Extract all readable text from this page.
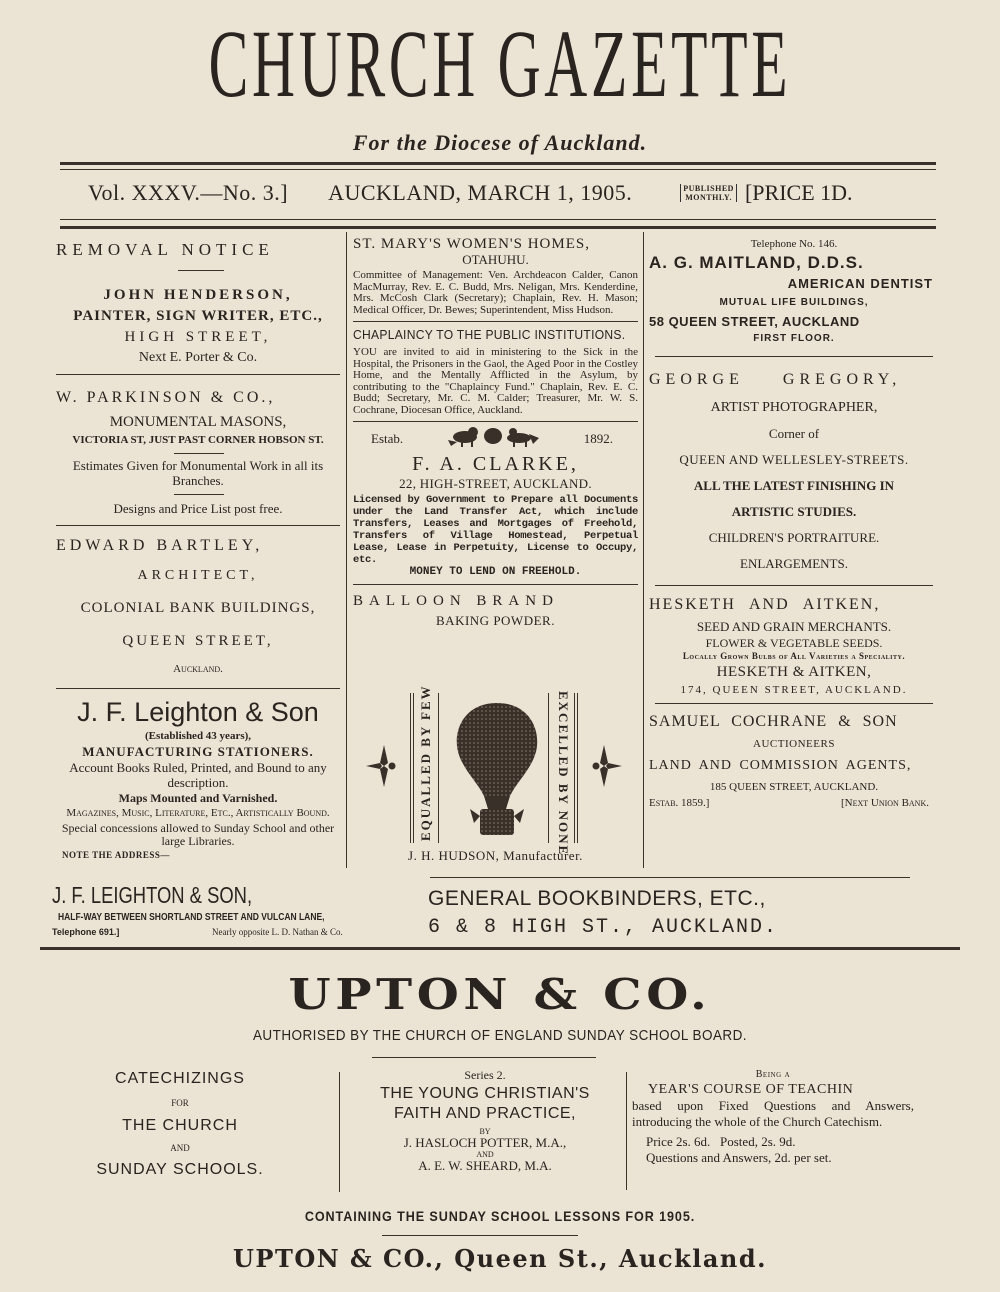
CHURCH GAZETTE
For the Diocese of Auckland.
Vol. XXXV.—No. 3.] AUCKLAND, MARCH 1, 1905.	PUBLISHED
MONTHLY. [PRICE 1D.
REMOVAL NOTICE
JOHN HENDERSON,
PAINTER, SIGN WRITER, ETC.,
HIGH STREET,
Next E. Porter & Co.
W. PARKINSON & CO.,
MONUMENTAL MASONS,
VICTORIA ST, JUST PAST CORNER HOBSON ST.
Estimates Given for Monumental Work in all its Branches.
Designs and Price List post free.
EDWARD BARTLEY,
ARCHITECT,
COLONIAL BANK BUILDINGS,
QUEEN STREET,
Auckland.
J. F. Leighton & Son
(Established 43 years),
MANUFACTURING STATIONERS.
Account Books Ruled, Printed, and Bound to any description.
Maps Mounted and Varnished.
Magazines, Music, Literature, Etc., Artistically Bound.
Special concessions allowed to Sunday School and other large Libraries.
NOTE THE ADDRESS—
ST. MARY'S WOMEN'S HOMES,
OTAHUHU.
Committee of Management: Ven. Archdeacon Calder, Canon MacMurray, Rev. E. C. Budd, Mrs. Neligan, Mrs. Kenderdine, Mrs. McCosh Clark (Secretary); Chaplain, Rev. H. Mason; Medical Officer, Dr. Bewes; Superintendent, Miss Hudson.
CHAPLAINCY TO THE PUBLIC INSTITUTIONS.
YOU are invited to aid in ministering to the Sick in the Hospital, the Prisoners in the Gaol, the Aged Poor in the Costley Home, and the Mentally Afflicted in the Asylum, by contributing to the "Chaplaincy Fund." Chaplain, Rev. E. C. Budd; Secretary, Mr. C. M. Calder; Treasurer, Mr. W. S. Cochrane, Diocesan Office, Auckland.
Estab.	1892.
F. A. CLARKE,
22, HIGH-STREET, AUCKLAND.
Licensed by Government to Prepare all Documents under the Land Transfer Act, which include Transfers, Leases and Mortgages of Freehold, Transfers of Village Homestead, Perpetual Lease, Lease in Perpetuity, License to Occupy, etc.
MONEY TO LEND ON FREEHOLD.
BALLOON BRAND
BAKING POWDER.
EQUALLED BY FEW	EXCELLED BY NONE
J. H. HUDSON, Manufacturer.
Telephone No. 146.
A. G. MAITLAND, D.D.S.
AMERICAN DENTIST
MUTUAL LIFE BUILDINGS,
58 QUEEN STREET, AUCKLAND
FIRST FLOOR.
GEORGE GREGORY,
ARTIST PHOTOGRAPHER,
Corner of
QUEEN AND WELLESLEY-STREETS.
ALL THE LATEST FINISHING IN
ARTISTIC STUDIES.
CHILDREN'S PORTRAITURE.
ENLARGEMENTS.
HESKETH AND AITKEN,
SEED AND GRAIN MERCHANTS.
FLOWER & VEGETABLE SEEDS.
Locally Grown Bulbs of All Varieties a Speciality.
HESKETH & AITKEN,
174, QUEEN STREET, AUCKLAND.
SAMUEL COCHRANE & SON
AUCTIONEERS
LAND AND COMMISSION AGENTS,
185 QUEEN STREET, AUCKLAND.
Estab. 1859.]	[Next Union Bank.
J. F. LEIGHTON & SON,
HALF-WAY BETWEEN SHORTLAND STREET AND VULCAN LANE,
Telephone 691.]	Nearly opposite L. D. Nathan & Co.
GENERAL BOOKBINDERS, ETC.,
6 & 8 HIGH ST., AUCKLAND.
UPTON & CO.
AUTHORISED BY THE CHURCH OF ENGLAND SUNDAY SCHOOL BOARD.
CATECHIZINGS
FOR
THE CHURCH
AND
SUNDAY SCHOOLS.
Series 2.
THE YOUNG CHRISTIAN'S
FAITH AND PRACTICE,
BY
J. HASLOCH POTTER, M.A.,
AND
A. E. W. SHEARD, M.A.
Being a
YEAR'S COURSE OF TEACHIN
based upon Fixed Questions and Answers, introducing the whole of the Church Catechism.
Price 2s. 6d.   Posted, 2s. 9d.
Questions and Answers, 2d. per set.
CONTAINING THE SUNDAY SCHOOL LESSONS FOR 1905.
UPTON & CO., Queen St., Auckland.
